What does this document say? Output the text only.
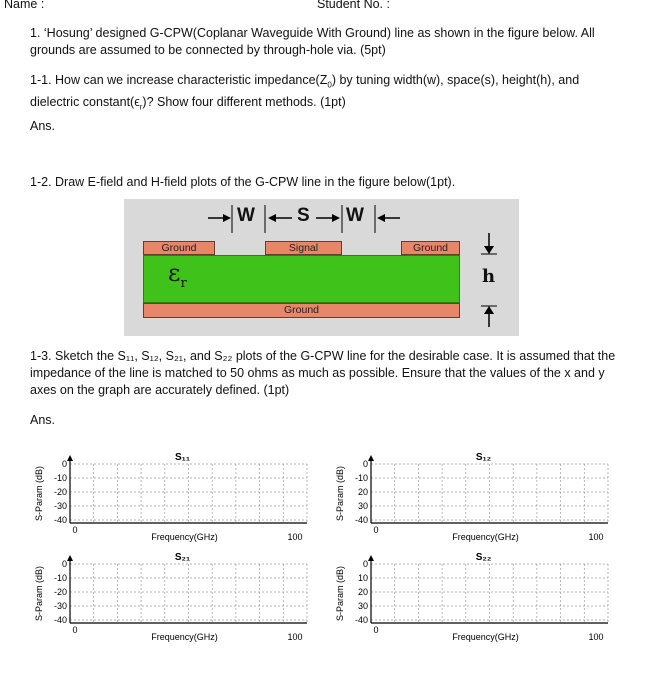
Name :	Student No. :
1. ‘Hosung’ designed G-CPW(Coplanar Waveguide With Ground) line as shown in the figure below. All
grounds are assumed to be connected by through-hole via. (5pt)
1-1. How can we increase characteristic $impedance(Z_0)$ by tuning width(w), space(s), height(h), and
dielectric $constant(\epsilon_r)$? Show four different methods. (1pt)
Ans.
1-2. Draw E-field and H-field plots of the G-CPW line in the figure below(1pt).
W S W
Ground	Signal	Ground
$\varepsilon_r$
Ground
h
1-3. Sketch the S₁₁, S₁₂, S₂₁, and S₂₂ plots of the G-CPW line for the desirable case. It is assumed that the
impedance of the line is matched to 50 ohms as much as possible. Ensure that the values of the x and y
axes on the graph are accurately defined. (1pt)
Ans.
0
-10
-20
-30
-40
0
100
Frequency(GHz)
S-Param (dB)
S₁₁
0
-10
20
30
-40
0
100
Frequency(GHz)
S-Param (dB)
S₁₂
0
-10
-20
-30
-40
0
100
Frequency(GHz)
S-Param (dB)
S₂₁
0
10
20
30
-40
0
100
Frequency(GHz)
S-Param (dB)
S₂₂
